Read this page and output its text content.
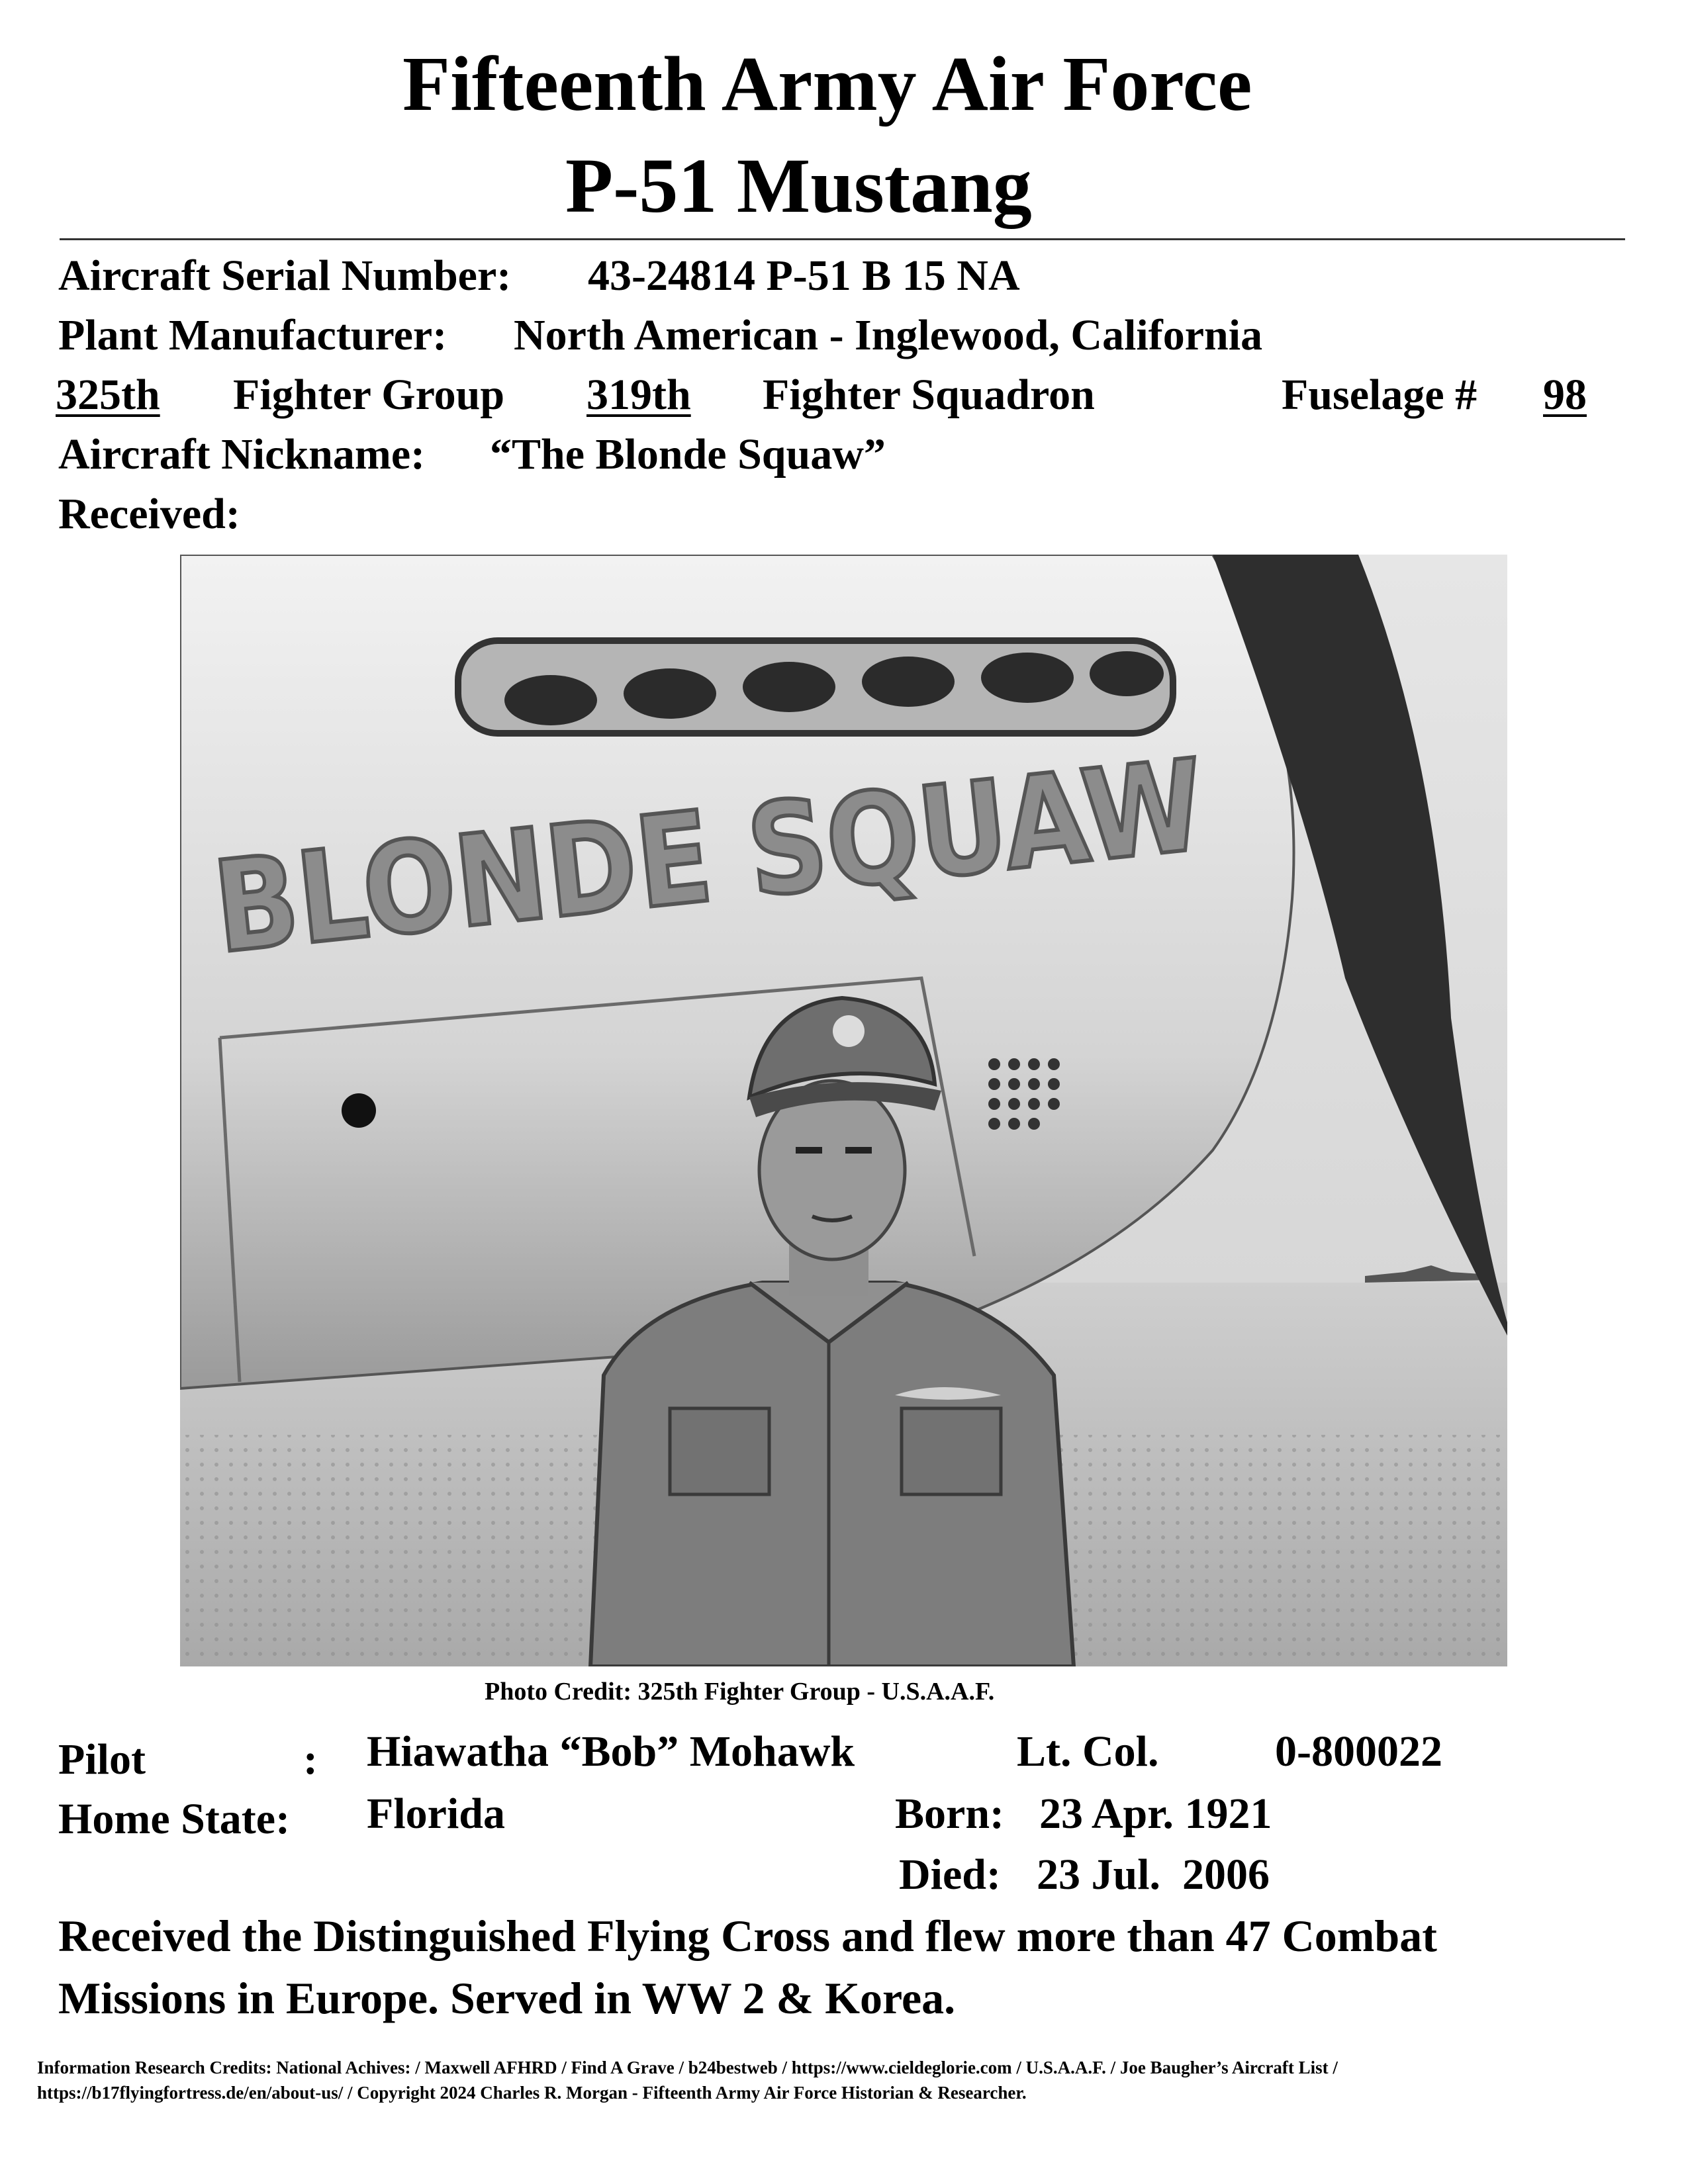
Fifteenth Army Air Force
P-51 Mustang
Aircraft Serial Number: 43-24814 P-51 B 15 NA
Plant Manufacturer: North American - Inglewood, California
325th	Fighter Group 319th	Fighter Squadron	Fuselage #	98
Aircraft Nickname: “The Blonde Squaw”
Received:
BLONDE SQUAW
Photo Credit: 325th Fighter Group - U.S.A.A.F.
Pilot	: Hiawatha “Bob” Mohawk	Lt. Col.	0-800022
Home State: Florida	Born: 23 Apr. 1921
Died: 23 Jul.  2006
Received the Distinguished Flying Cross and flew more than 47 Combat
Missions in Europe. Served in WW 2 & Korea.
Information Research Credits: National Achives: / Maxwell AFHRD / Find A Grave / b24bestweb / https://www.cieldeglorie.com / U.S.A.A.F. / Joe Baugher’s Aircraft List /
https://b17flyingfortress.de/en/about-us/ / Copyright 2024 Charles R. Morgan - Fifteenth Army Air Force Historian & Researcher.
